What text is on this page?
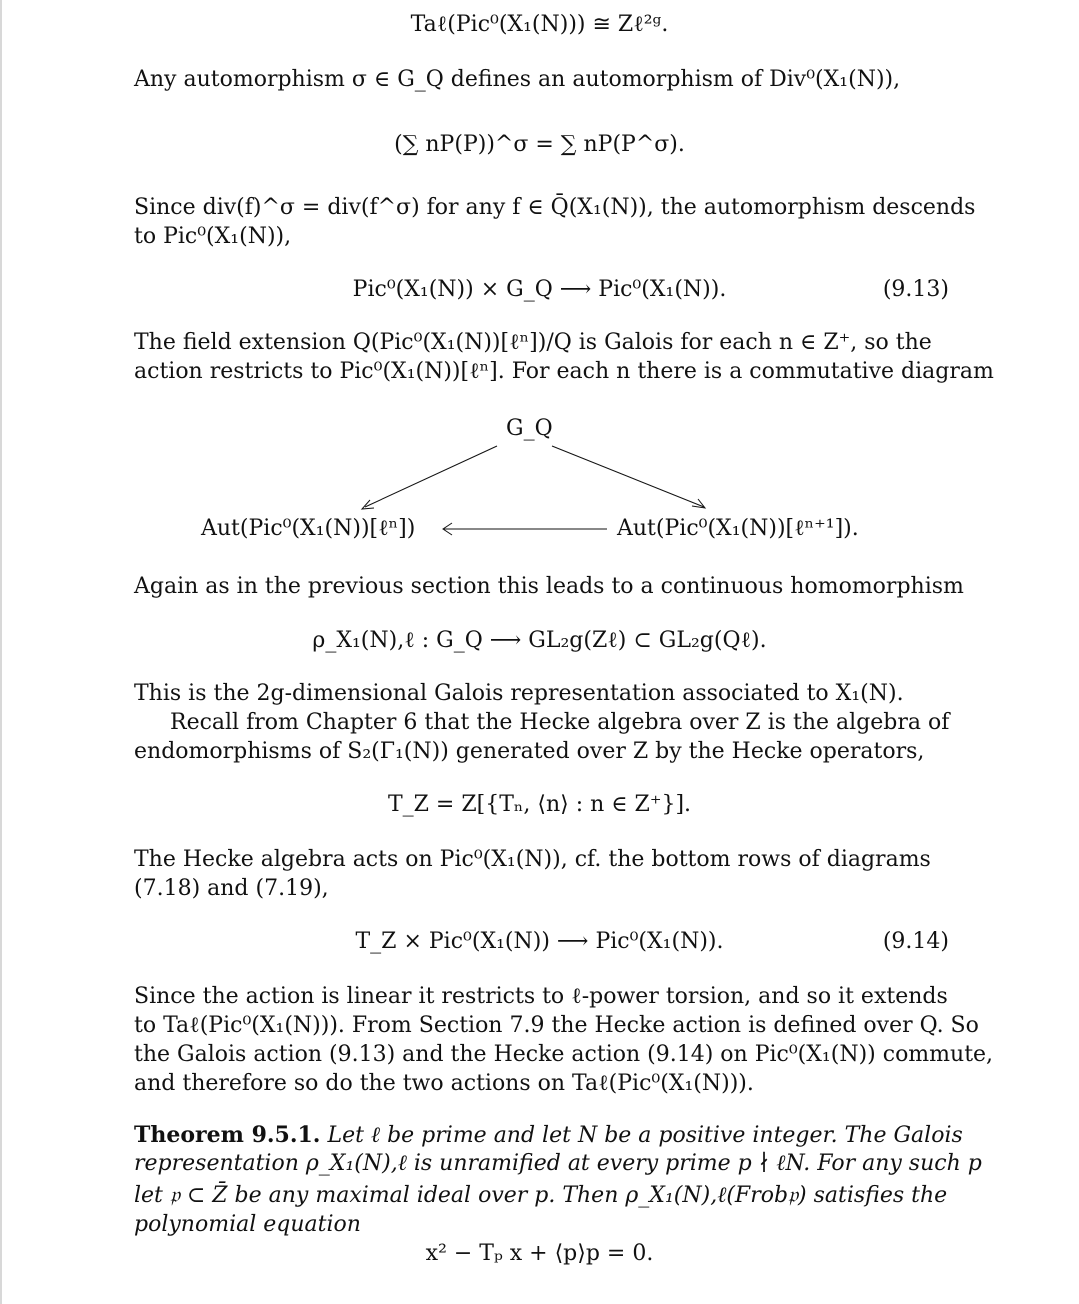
Taℓ(Pic⁰(X₁(N))) ≅ Zℓ²ᵍ.
Any automorphism σ ∈ G_Q defines an automorphism of Div⁰(X₁(N)),
(∑ nP(P))^σ = ∑ nP(P^σ).
Since div(f)^σ = div(f^σ) for any f ∈ Q̄(X₁(N)), the automorphism descends
to Pic⁰(X₁(N)),
Pic⁰(X₁(N)) × G_Q ⟶ Pic⁰(X₁(N)).	(9.13)
The field extension Q(Pic⁰(X₁(N))[ℓⁿ])/Q is Galois for each n ∈ Z⁺, so the
action restricts to Pic⁰(X₁(N))[ℓⁿ]. For each n there is a commutative diagram
G_Q
Aut(Pic⁰(X₁(N))[ℓⁿ])	Aut(Pic⁰(X₁(N))[ℓⁿ⁺¹]).
Again as in the previous section this leads to a continuous homomorphism
ρ_X₁(N),ℓ : G_Q ⟶ GL₂g(Zℓ) ⊂ GL₂g(Qℓ).
This is the 2g-dimensional Galois representation associated to X₁(N).
Recall from Chapter 6 that the Hecke algebra over Z is the algebra of
endomorphisms of S₂(Γ₁(N)) generated over Z by the Hecke operators,
T_Z = Z[{Tₙ, ⟨n⟩ : n ∈ Z⁺}].
The Hecke algebra acts on Pic⁰(X₁(N)), cf. the bottom rows of diagrams
(7.18) and (7.19),
T_Z × Pic⁰(X₁(N)) ⟶ Pic⁰(X₁(N)).	(9.14)
Since the action is linear it restricts to ℓ-power torsion, and so it extends
to Taℓ(Pic⁰(X₁(N))). From Section 7.9 the Hecke action is defined over Q. So
the Galois action (9.13) and the Hecke action (9.14) on Pic⁰(X₁(N)) commute,
and therefore so do the two actions on Taℓ(Pic⁰(X₁(N))).
Theorem 9.5.1. Let ℓ be prime and let N be a positive integer. The Galois
representation ρ_X₁(N),ℓ is unramified at every prime p ∤ ℓN. For any such p
let 𝔭 ⊂ Z̄ be any maximal ideal over p. Then ρ_X₁(N),ℓ(Frob𝔭) satisfies the
polynomial equation
x² − Tₚ x + ⟨p⟩p = 0.
